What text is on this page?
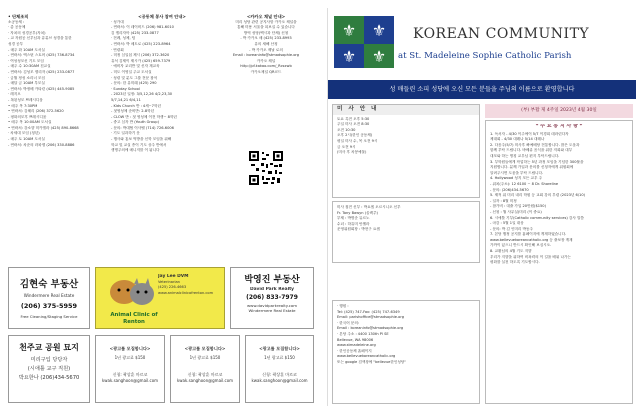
• 단체조직
소공동체 :
· 총 공동체
· 자치의 성경공부(자치)
- 교 자원공 신부님과 유튜브 성경을 통한
성경 공부
- 매주 화 10AM 도서실
- 연락처: 엑스틴 스토어 (425) 736-8734
· 여성성모신 기도 모임
- 매주 수 10:30AM 친교실
- 연락처: 김성모 엘리자 (425) 233-0877
· 금월 정성 소리너 모임
- 매달 금 10AM 부모실
- 연락처: 박정배 카타린 (425) 445-9085
· 레지오
- 복된성모 쁘레시디움
• 매주 목 7:30PM
• 연락처: 김혜리 (206) 372-5620
- 평화의모후 쁘레시디움
• 매주 목 10:00AM 도서실
• 연락처: 강소향 미카엘라 (425) 890-8668
· 차세대 모임 (청년)
- 매주 토 10AM 도서실
- 연락처: 차준의 라파엘 (206) 330-8886
<공동체 봉사 참여 안내>
· 성가대
- 연락처: 이 데이비드 (206) 981-6010
김 엘리자아 (425) 233-0877
· 전례, 성체, 팀
- 연락처: 박 메트로 (425) 223-8964
· 연령회
- 미정 심일섭 제시 (206) 372-3620
유석 김제이 제시카 (425) 659-7379
· 예비자 교리반 및 신자 재교육
- 미도 이영일 주교 도서실
· 성령 및 분도 그룹 전문 참석
- 문의: 한 유미래 (425) 290
· Sunday School
- 2023년 일정: 3/5,12,26 4/2,23,30
5/7,14,21 6/4,11
- Kids Church 반 : 4세~7학년
- 첫영성체 준비반: 2-8학년
- CLOW 반 : 첫 영성체 이전 학생~ 8학년
- 중고 심자 반 (Youth Group)
- 문의: 박대협 이사벨 (714) 726-6006
· 기도 일과하기 운
- 행사와 홍보 먹방을 신학 모임을 위해
학교 및 교실 종이 기도 상주 반에서
생명주의에 메니저를 이 됨니다
<카카오 채널 안내>
미리 성당 관련 공지사항 카카오 채널을
통해 미용 서울을 되보실 수 있습니다
방역 성당(백시과 단체) 신청
- 박 카카오 매 (425) 233-8993
유의 새해 산청
- 박 카카오 제날 로의
Email : koreaninfo@stmadsophie.org
카카오 채널
http://pf.kakao.com/_Rcsxwb
카카오채널 QR코드
김현숙 부동산
Windermere Real Estate
(206) 375-5959
Free Cleaning/Staging Service
Jay Lee DVM
Veterinarian
(425) 226-4663
www.animalclinicofrenton.com
Animal Clinic of Renton
박영진 부동산
David Park Realty
(206) 833-7979
www.davidparkrealty.com
Windermere Real Estate
천주교 공원 묘지
미리구입 당당자
(시애틀 교구 직원)
박요한나 (206)434-5670
<광고를 모집합니다>
1년 광고료 $150
신청: 곽상훈 마르코
kwak.sanghoon@gmail.com
<광고를 모집합니다>
1년 광고료 $150
신청: 곽상훈 마르코
kwak.sanghoon@gmail.com
<광고를 모집합니다>
1년 광고료 $150
신청: 곽상훈 마르코
kwak.sanghoon@gmail.com
⚜ ⚜
⚜ ⚜
KOREAN COMMUNITY
at St. Madeleine Sophie Catholic Parish
성 매들린 소피 성당에 오신 모든 분들을 주님의 이름으로 환영합니다
미 사 안 내
토요 특전 오후 5:30
주일 미사 오전 8:30
오전 10:30
오후 2시(한인 공동체)
평일 미사 수, 목 오전 9시
금 오전 9시
(미사 후 차봉예물)
미사 집전 신부 : 박요셉 오르시니오 신부
Fr. Tony Bawyn (올렉추)
부제 : 박명준 뮤르노
수녀 : 하유미 안젤라
운영위원회장 : 박현구 요셉
· 행원 :
Tel: (425) 747-Fax: (425) 747-6349
Email: parishoffice@stmadsophie.org
· 한국어 문의:
Email : koreaninfo@stmadsophie.org
· 본당 주소 : 4400 130th Pl SE
Bellevue, WA 98006
www.stmadeleine.org
· 한인공동체 홈페이지
www.bellevuekoreancatholic.org
또는 google 검색창에 "bellevue한인성당"
(부) 부활 제 4주일 2023년 4월 30일
* 주 요 통 지 사 항 *
1. 독서자 - 4/30 이주에이 5/7 이경희 데라린다자
제대회 - 4/30 대레나 5/14 대레나
2. 다음주(5/7) 미사후 빠예배당 전통합니다. 많은 도움과
함께 부탁 드립니다. 바베큐 음식을 위한 저희와 대부
대모와 하는 명칭 교우님 편지 부탁드립니다.
3. 부학원들에게 작업하는 5년 과정 모임을 기념한 300불을
지원합니다. 분께 가입과 문의를 신청자에게 위원회에
알려주시면 도움을 부탁 드립니다.
4. Hollywood 성지 모든 교우 주
- 위치(주소): 12 6100 ~ 8 Dr. Shoreline
- 문의: (206)434-5670
5. 제적 위 미리 내리 학원 등 교회 강의 부렴 (2023년 6/10)
- 일자 : 8월 미정
- 참가비 : 대출 가입 20만원($150)
- 신청 : 월 사무실(미리 (이 중요)
6. 시애틀 기부(Catholic community services) 감사 말씀
- 마감 : 5월 1일 대상
- 문의: 박 김 인미리 박동주
7. 본당 행정 공지를 홈페이지에 게재하였습니다.
www.bellevuekoreancatholic.org 등 출보장 게재
가까이 있으니 반드시 확인해 보십시오.
8. 교황님의 4월 기도 지향
우리가 지향을 위하여 비폭력의 이 길을 배워 나가는
평화를 실천 하도록 기도합시다.
